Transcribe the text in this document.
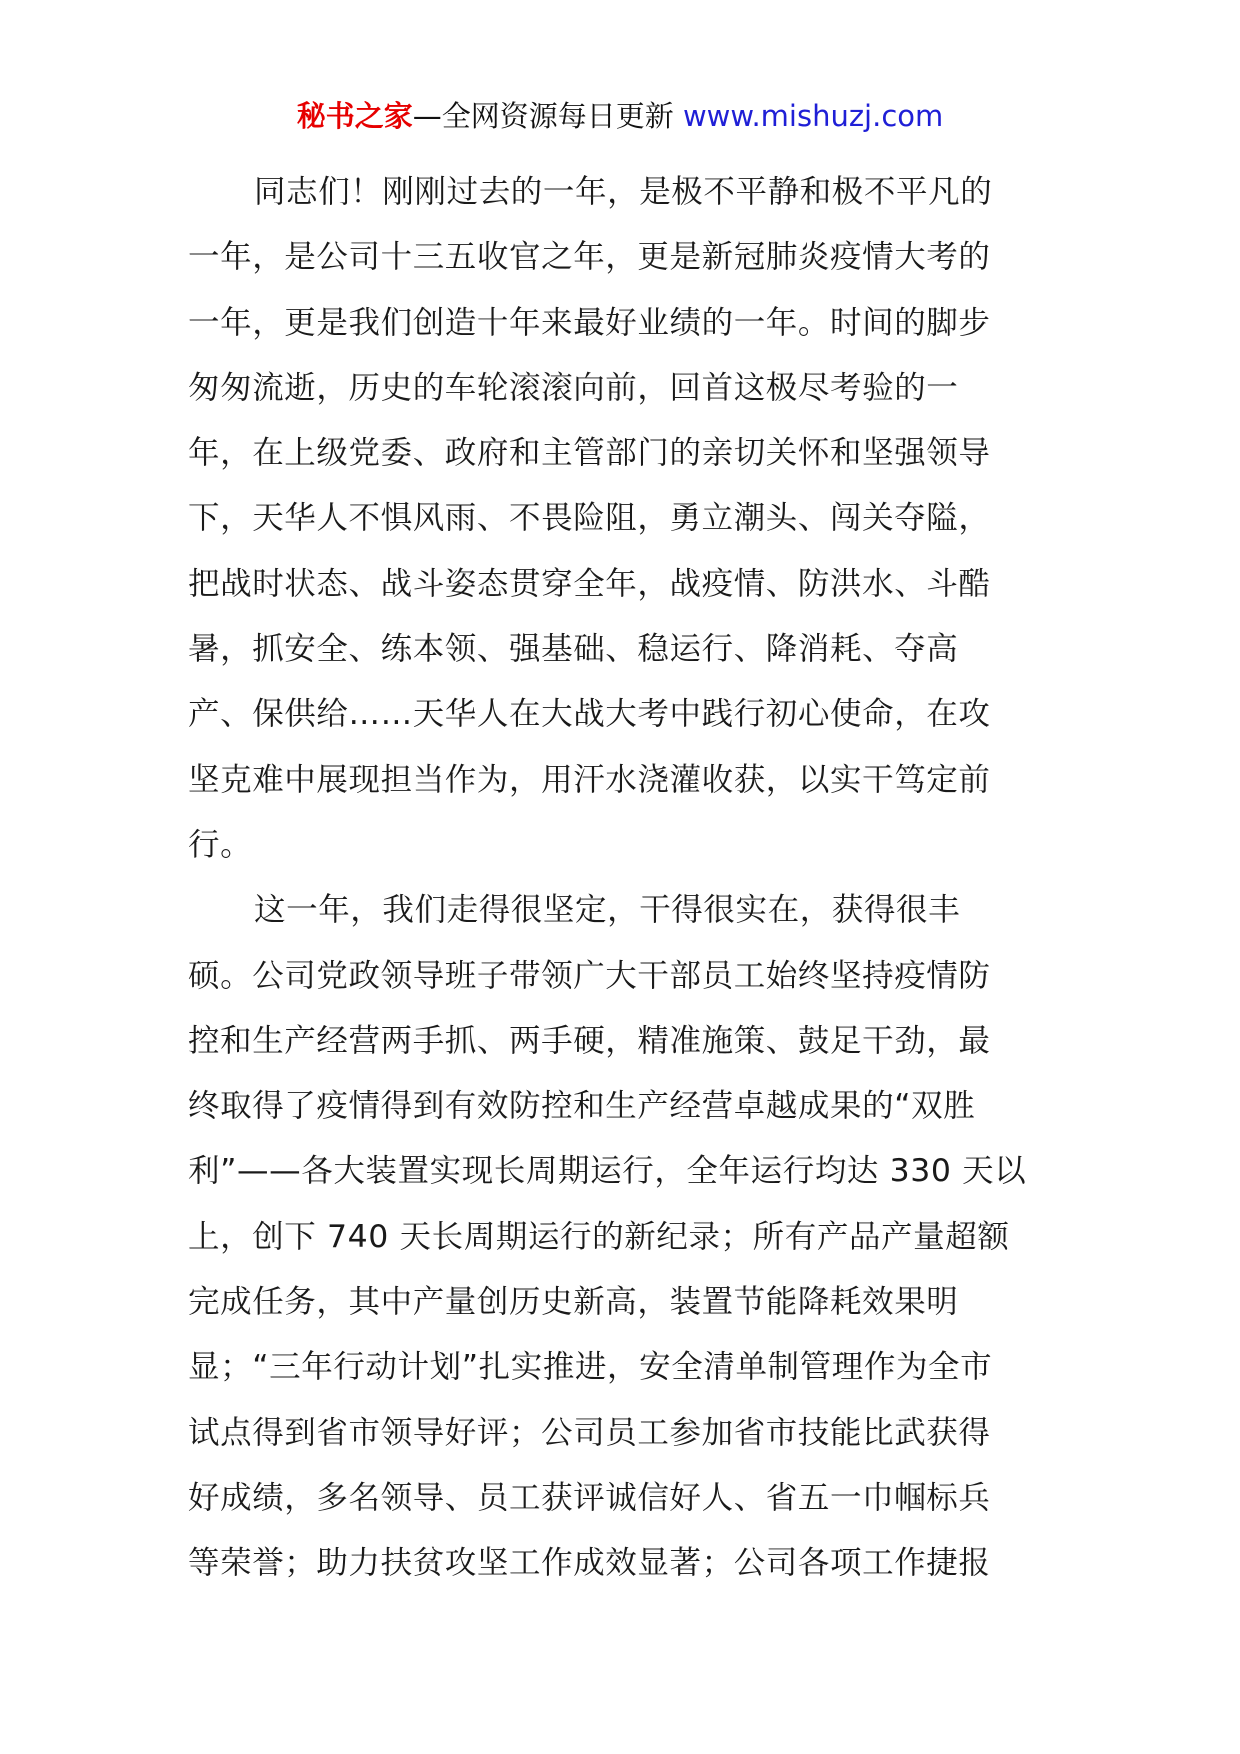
秘书之家—全网资源每日更新 www.mishuzj.com
同志们！刚刚过去的一年，是极不平静和极不平凡的
一年，是公司十三五收官之年，更是新冠肺炎疫情大考的
一年，更是我们创造十年来最好业绩的一年。时间的脚步
匆匆流逝，历史的车轮滚滚向前，回首这极尽考验的一
年，在上级党委、政府和主管部门的亲切关怀和坚强领导
下，天华人不惧风雨、不畏险阻，勇立潮头、闯关夺隘，
把战时状态、战斗姿态贯穿全年，战疫情、防洪水、斗酷
暑，抓安全、练本领、强基础、稳运行、降消耗、夺高
产、保供给……天华人在大战大考中践行初心使命，在攻
坚克难中展现担当作为，用汗水浇灌收获，以实干笃定前
行。
这一年，我们走得很坚定，干得很实在，获得很丰
硕。公司党政领导班子带领广大干部员工始终坚持疫情防
控和生产经营两手抓、两手硬，精准施策、鼓足干劲，最
终取得了疫情得到有效防控和生产经营卓越成果的“双胜
利”——各大装置实现长周期运行，全年运行均达 330 天以
上，创下 740 天长周期运行的新纪录；所有产品产量超额
完成任务，其中产量创历史新高，装置节能降耗效果明
显；“三年行动计划”扎实推进，安全清单制管理作为全市
试点得到省市领导好评；公司员工参加省市技能比武获得
好成绩，多名领导、员工获评诚信好人、省五一巾帼标兵
等荣誉；助力扶贫攻坚工作成效显著；公司各项工作捷报
